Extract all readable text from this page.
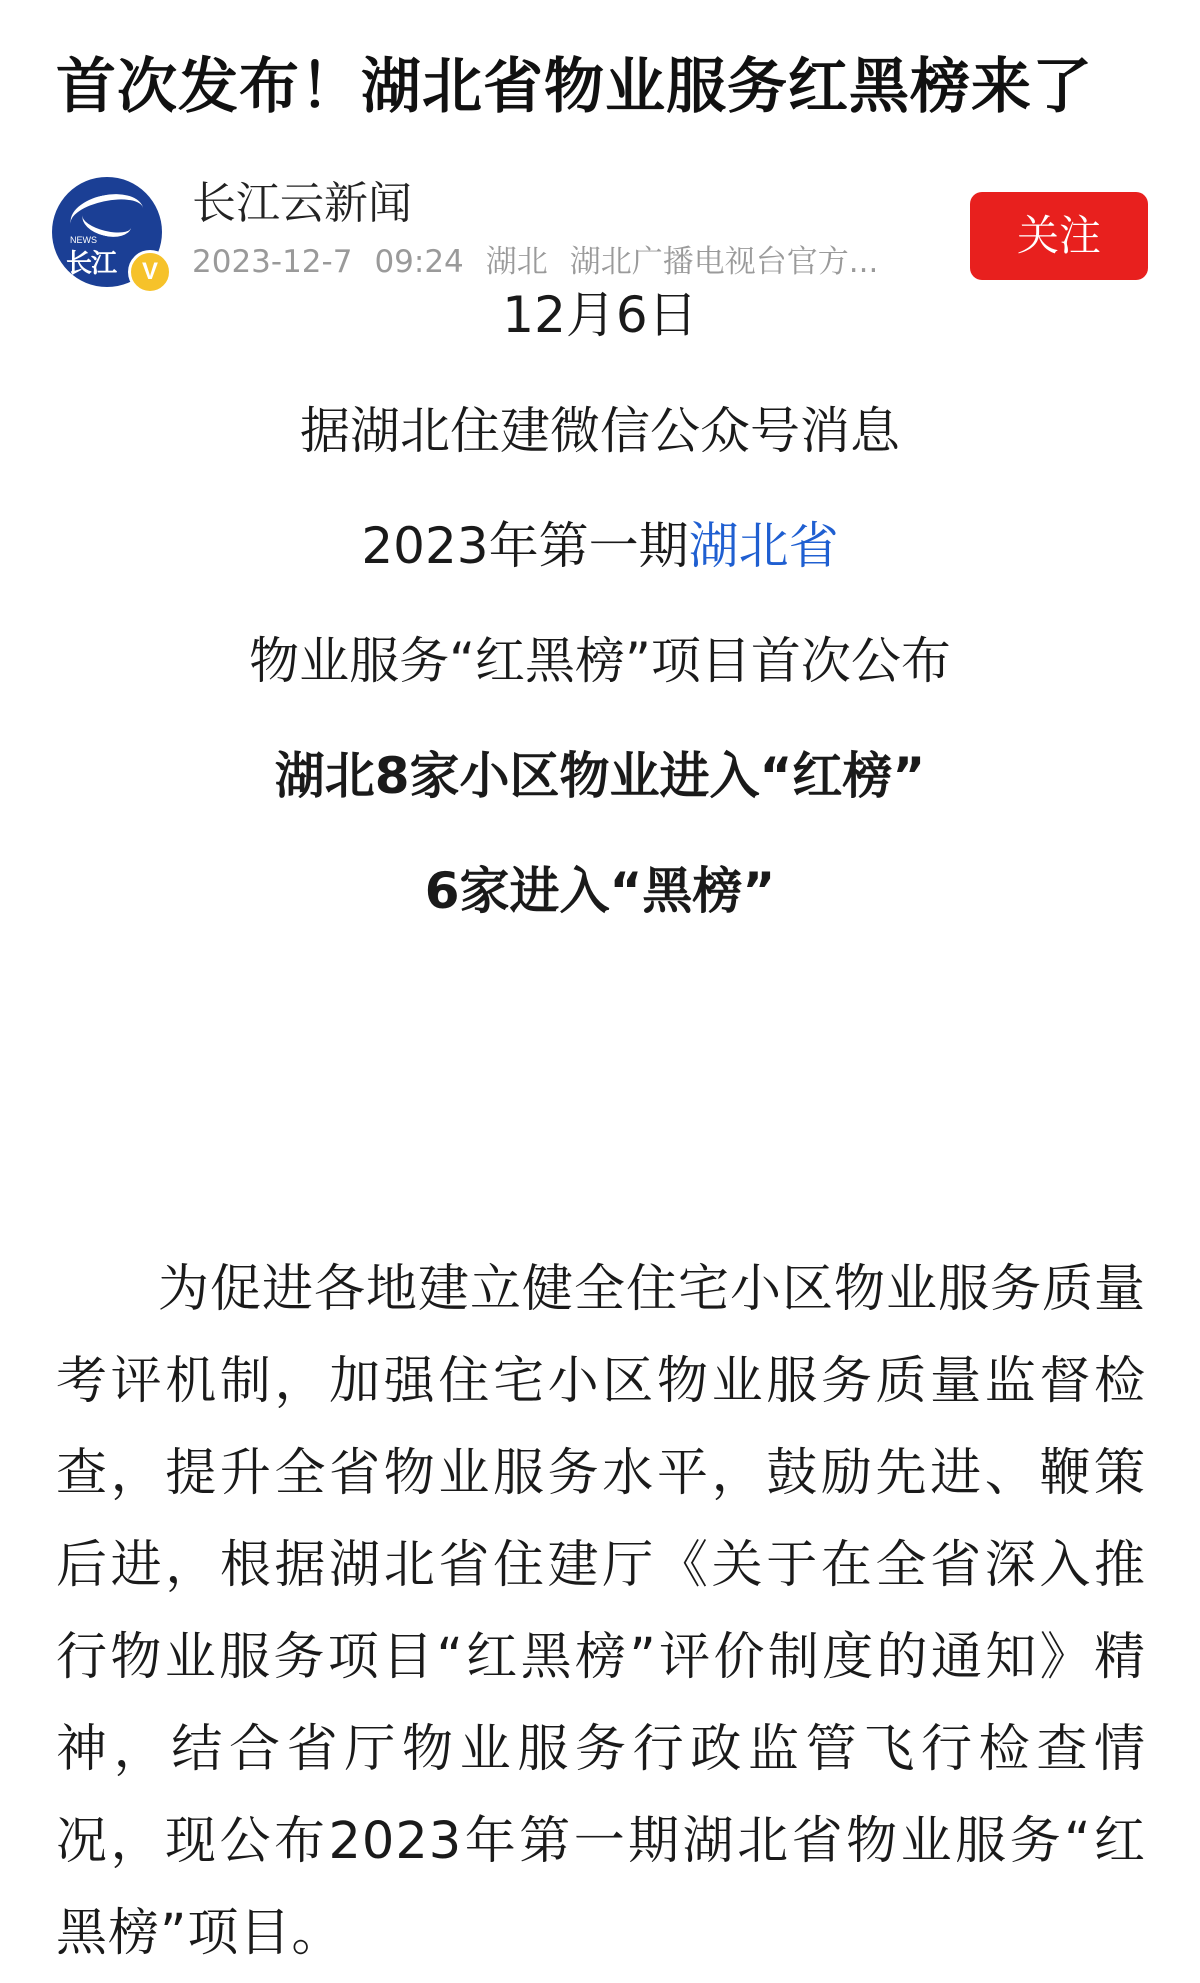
首次发布！湖北省物业服务红黑榜来了
NEWS
长江	V
长江云新闻
2023-12-7 09:24 湖北 湖北广播电视台官方...
关注
12月6日
据湖北住建微信公众号消息
2023年第一期湖北省
物业服务“红黑榜”项目首次公布
湖北8家小区物业进入“红榜”
6家进入“黑榜”
为促进各地建立健全住宅小区物业服务质量考评机制，加强住宅小区物业服务质量监督检查，提升全省物业服务水平，鼓励先进、鞭策后进，根据湖北省住建厅《关于在全省深入推行物业服务项目“红黑榜”评价制度的通知》精神，结合省厅物业服务行政监管飞行检查情况，现公布2023年第一期湖北省物业服务“红黑榜”项目。
